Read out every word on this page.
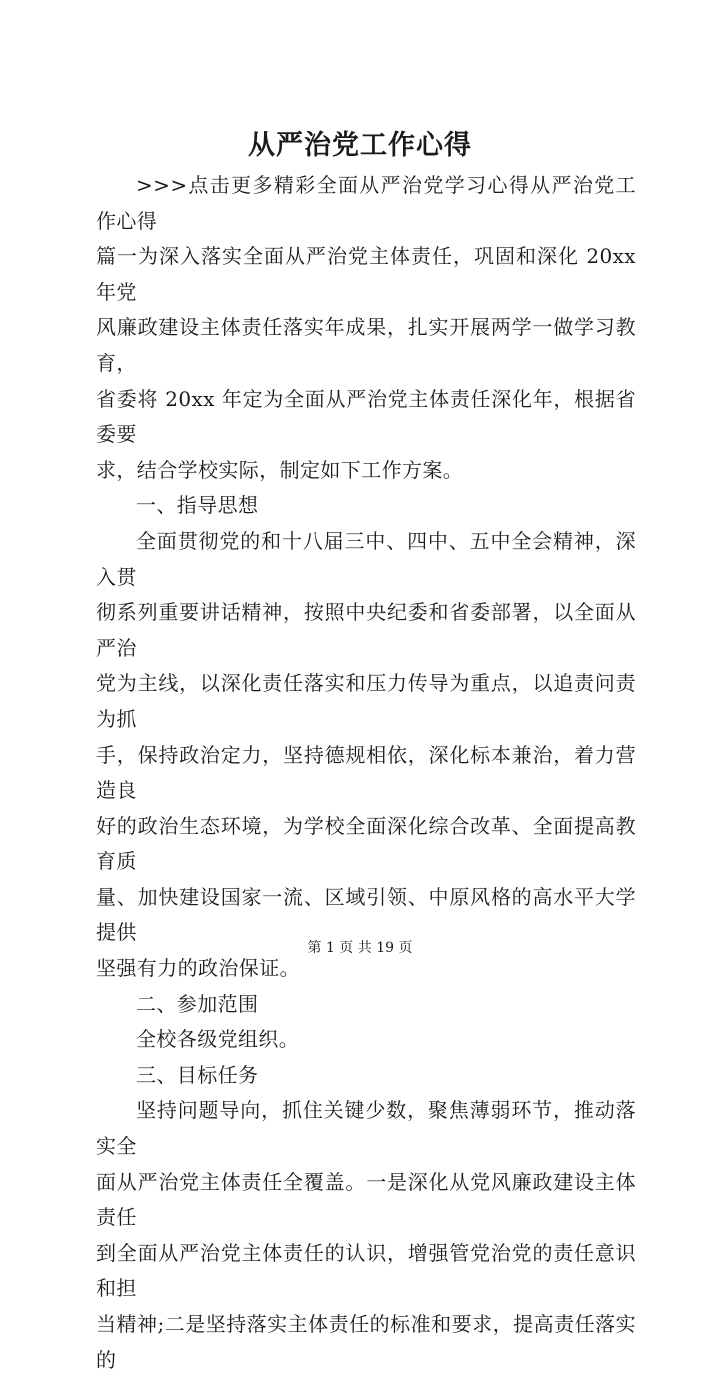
从严治党工作心得

>>>点击更多精彩全面从严治党学习心得从严治党工作心得

篇一为深入落实全面从严治党主体责任，巩固和深化 20xx 年党

风廉政建设主体责任落实年成果，扎实开展两学一做学习教育，

省委将 20xx 年定为全面从严治党主体责任深化年，根据省委要

求，结合学校实际，制定如下工作方案。

一、指导思想

全面贯彻党的和十八届三中、四中、五中全会精神，深入贯

彻系列重要讲话精神，按照中央纪委和省委部署，以全面从严治

党为主线，以深化责任落实和压力传导为重点，以追责问责为抓

手，保持政治定力，坚持德规相依，深化标本兼治，着力营造良

好的政治生态环境，为学校全面深化综合改革、全面提高教育质

量、加快建设国家一流、区域引领、中原风格的高水平大学提供

坚强有力的政治保证。

二、参加范围

全校各级党组织。

三、目标任务

坚持问题导向，抓住关键少数，聚焦薄弱环节，推动落实全

面从严治党主体责任全覆盖。一是深化从党风廉政建设主体责任

到全面从严治党主体责任的认识，增强管党治党的责任意识和担

当精神;二是坚持落实主体责任的标准和要求，提高责任落实的

第 1 页 共 19 页
